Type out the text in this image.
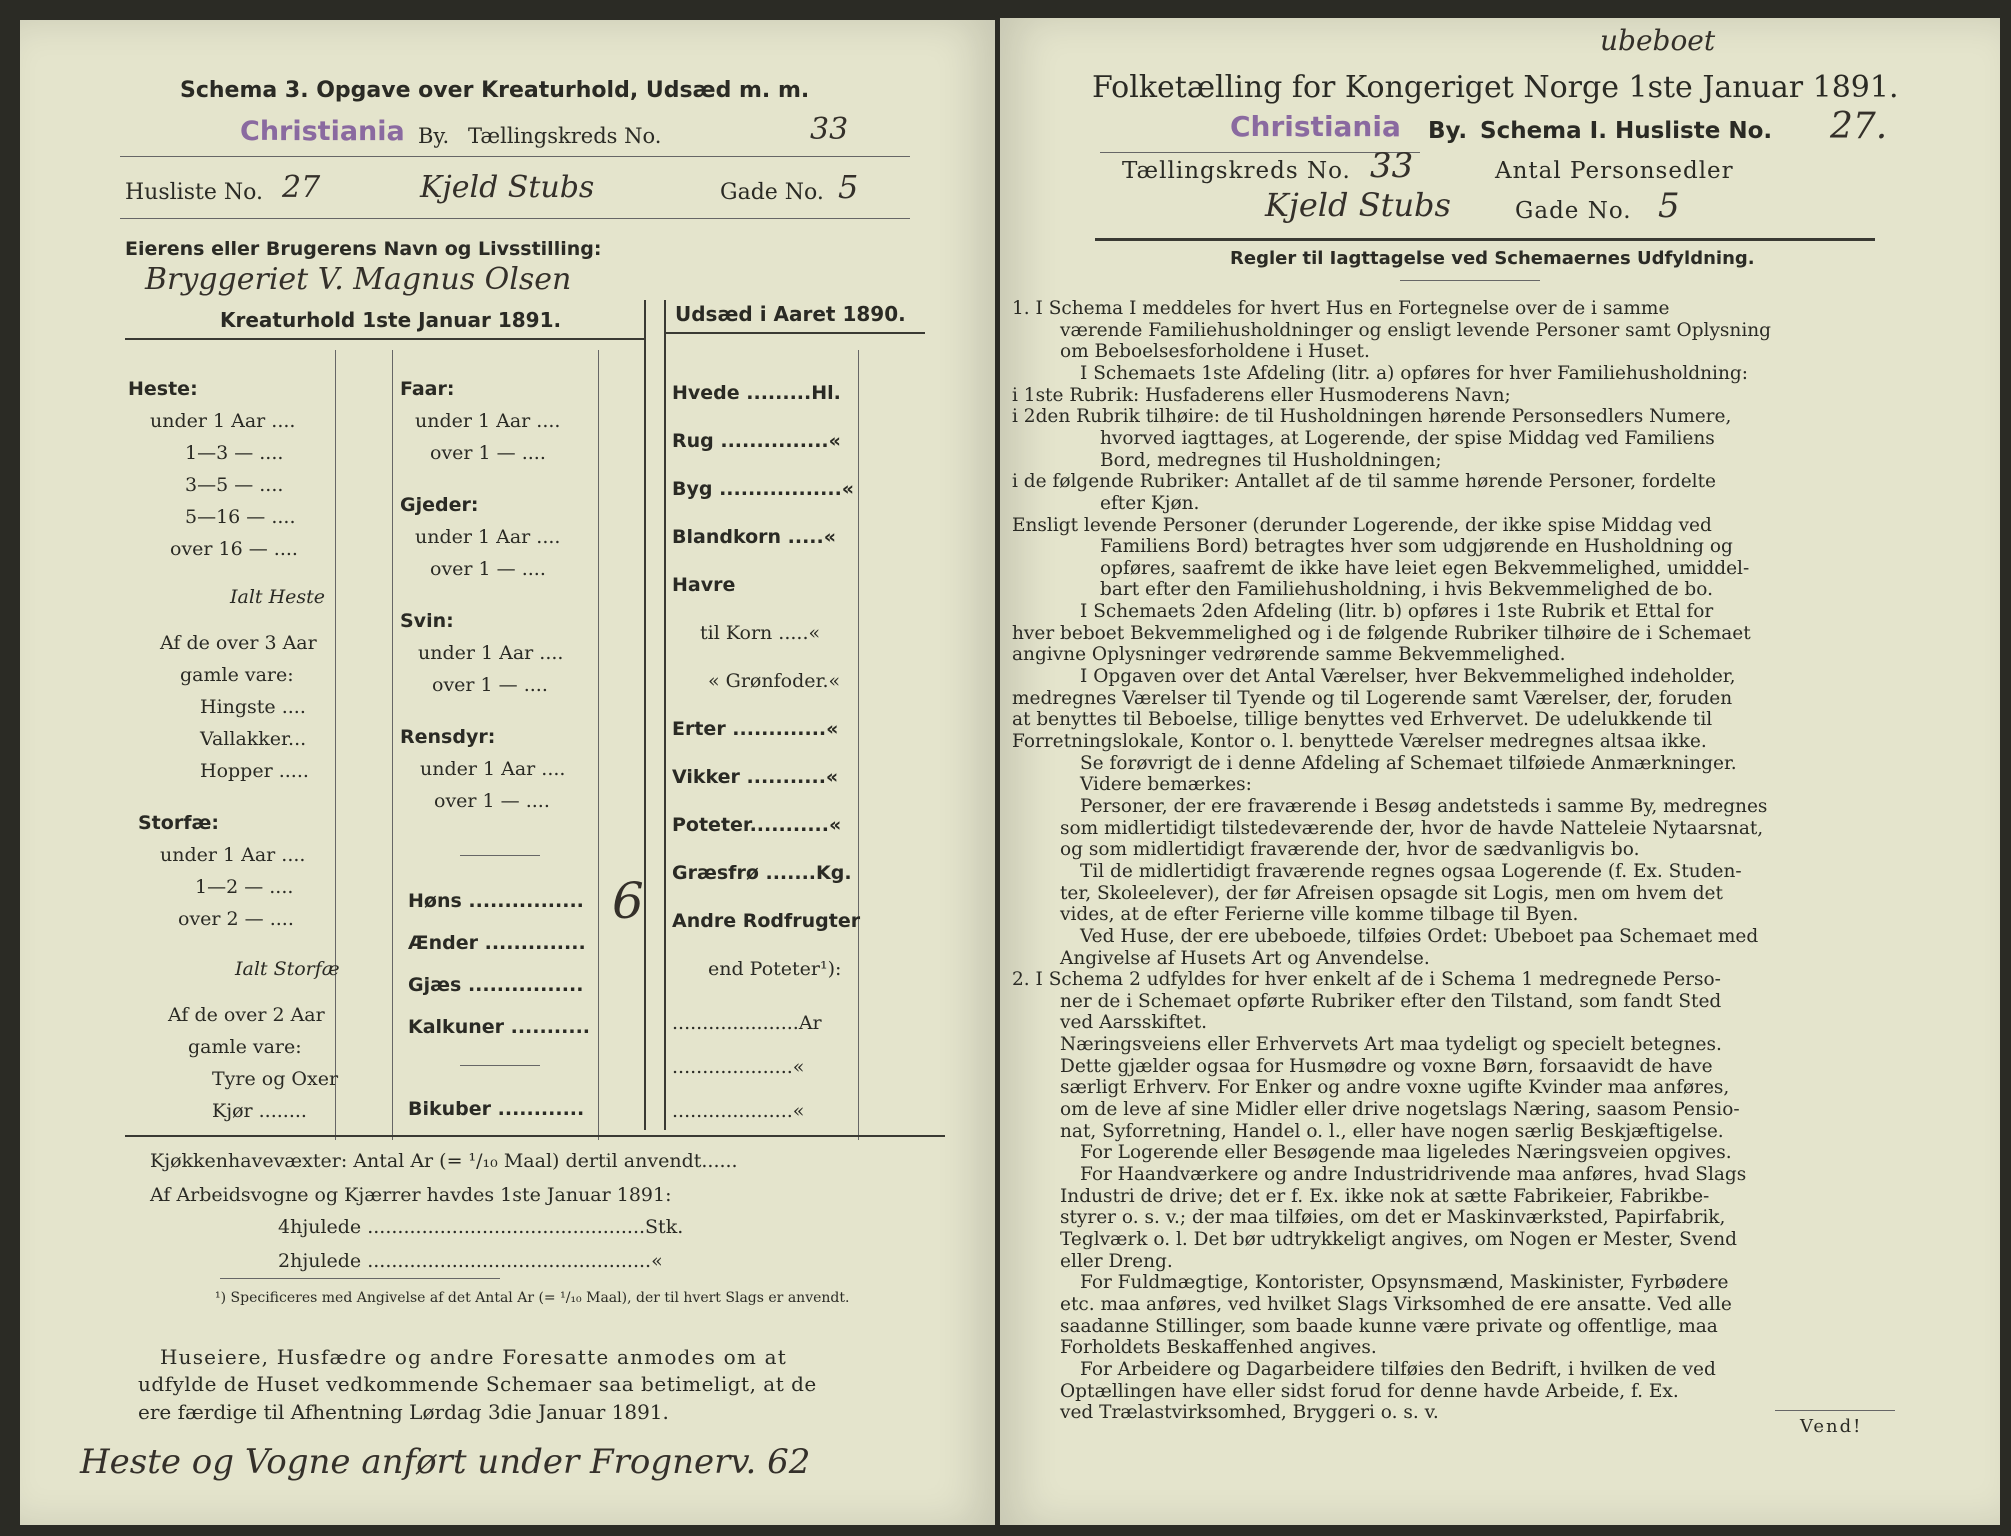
Schema 3. Opgave over Kreaturhold, Udsæd m. m.
Christiania By. Tællingskreds No.	33
Husliste No. 27	Kjeld Stubs	Gade No. 5
Eierens eller Brugerens Navn og Livsstilling:
Bryggeriet V. Magnus Olsen
Kreaturhold 1ste Januar 1891.	Udsæd i Aaret 1890.
Heste:
under 1 Aar ....
1—3 — ....
3—5 — ....
5—16 — ....
over 16 — ....
Ialt Heste
Af de over 3 Aar
gamle vare:
Hingste ....
Vallakker...
Hopper .....
Storfæ:
under 1 Aar ....
1—2 — ....
over 2 — ....
Ialt Storfæ
Af de over 2 Aar
gamle vare:
Tyre og Oxer
Kjør ........
Faar:
under 1 Aar ....
over 1 — ....
Gjeder:
under 1 Aar ....
over 1 — ....
Svin:
under 1 Aar ....
over 1 — ....
Rensdyr:
under 1 Aar ....
over 1 — ....
Høns ................
Ænder ..............
Gjæs ................
Kalkuner ...........
Bikuber ............
6
Hvede .........Hl.
Rug ...............«
Byg .................«
Blandkorn .....«
Havre
til Korn .....«
« Grønfoder.«
Erter .............«
Vikker ...........«
Poteter...........«
Græsfrø .......Kg.
Andre Rodfrugter
end Poteter¹):
.....................Ar
....................«
....................«
Kjøkkenhavevæxter: Antal Ar (= ¹/₁₀ Maal) dertil anvendt......
Af Arbeidsvogne og Kjærrer havdes 1ste Januar 1891:
4hjulede ..............................................Stk.
2hjulede ...............................................«
¹) Specificeres med Angivelse af det Antal Ar (= ¹/₁₀ Maal), der til hvert Slags er anvendt.
Huseiere, Husfædre og andre Foresatte anmodes om at
udfylde de Huset vedkommende Schemaer saa betimeligt, at de
ere færdige til Afhentning Lørdag 3die Januar 1891.
Heste og Vogne anført under Frognerv. 62
ubeboet
Folketælling for Kongeriget Norge 1ste Januar 1891.
Christiania By. Schema I. Husliste No. 27.
Tællingskreds No. 33	Antal Personsedler
Kjeld Stubs	Gade No. 5
Regler til Iagttagelse ved Schemaernes Udfyldning.
1. I Schema I meddeles for hvert Hus en Fortegnelse over de i samme
værende Familiehusholdninger og ensligt levende Personer samt Oplysning
om Beboelsesforholdene i Huset.
I Schemaets 1ste Afdeling (litr. a) opføres for hver Familiehusholdning:
i 1ste Rubrik: Husfaderens eller Husmoderens Navn;
i 2den Rubrik tilhøire: de til Husholdningen hørende Personsedlers Numere,
hvorved iagttages, at Logerende, der spise Middag ved Familiens
Bord, medregnes til Husholdningen;
i de følgende Rubriker: Antallet af de til samme hørende Personer, fordelte
efter Kjøn.
Ensligt levende Personer (derunder Logerende, der ikke spise Middag ved
Familiens Bord) betragtes hver som udgjørende en Husholdning og
opføres, saafremt de ikke have leiet egen Bekvemmelighed, umiddel-
bart efter den Familiehusholdning, i hvis Bekvemmelighed de bo.
I Schemaets 2den Afdeling (litr. b) opføres i 1ste Rubrik et Ettal for
hver beboet Bekvemmelighed og i de følgende Rubriker tilhøire de i Schemaet
angivne Oplysninger vedrørende samme Bekvemmelighed.
I Opgaven over det Antal Værelser, hver Bekvemmelighed indeholder,
medregnes Værelser til Tyende og til Logerende samt Værelser, der, foruden
at benyttes til Beboelse, tillige benyttes ved Erhvervet. De udelukkende til
Forretningslokale, Kontor o. l. benyttede Værelser medregnes altsaa ikke.
Se forøvrigt de i denne Afdeling af Schemaet tilføiede Anmærkninger.
Videre bemærkes:
Personer, der ere fraværende i Besøg andetsteds i samme By, medregnes
som midlertidigt tilstedeværende der, hvor de havde Natteleie Nytaarsnat,
og som midlertidigt fraværende der, hvor de sædvanligvis bo.
Til de midlertidigt fraværende regnes ogsaa Logerende (f. Ex. Studen-
ter, Skoleelever), der før Afreisen opsagde sit Logis, men om hvem det
vides, at de efter Ferierne ville komme tilbage til Byen.
Ved Huse, der ere ubeboede, tilføies Ordet: Ubeboet paa Schemaet med
Angivelse af Husets Art og Anvendelse.
2. I Schema 2 udfyldes for hver enkelt af de i Schema 1 medregnede Perso-
ner de i Schemaet opførte Rubriker efter den Tilstand, som fandt Sted
ved Aarsskiftet.
Næringsveiens eller Erhvervets Art maa tydeligt og specielt betegnes.
Dette gjælder ogsaa for Husmødre og voxne Børn, forsaavidt de have
særligt Erhverv. For Enker og andre voxne ugifte Kvinder maa anføres,
om de leve af sine Midler eller drive nogetslags Næring, saasom Pensio-
nat, Syforretning, Handel o. l., eller have nogen særlig Beskjæftigelse.
For Logerende eller Besøgende maa ligeledes Næringsveien opgives.
For Haandværkere og andre Industridrivende maa anføres, hvad Slags
Industri de drive; det er f. Ex. ikke nok at sætte Fabrikeier, Fabrikbe-
styrer o. s. v.; der maa tilføies, om det er Maskinværksted, Papirfabrik,
Teglværk o. l. Det bør udtrykkeligt angives, om Nogen er Mester, Svend
eller Dreng.
For Fuldmægtige, Kontorister, Opsynsmænd, Maskinister, Fyrbødere
etc. maa anføres, ved hvilket Slags Virksomhed de ere ansatte. Ved alle
saadanne Stillinger, som baade kunne være private og offentlige, maa
Forholdets Beskaffenhed angives.
For Arbeidere og Dagarbeidere tilføies den Bedrift, i hvilken de ved
Optællingen have eller sidst forud for denne havde Arbeide, f. Ex.
ved Trælastvirksomhed, Bryggeri o. s. v.
Vend!
